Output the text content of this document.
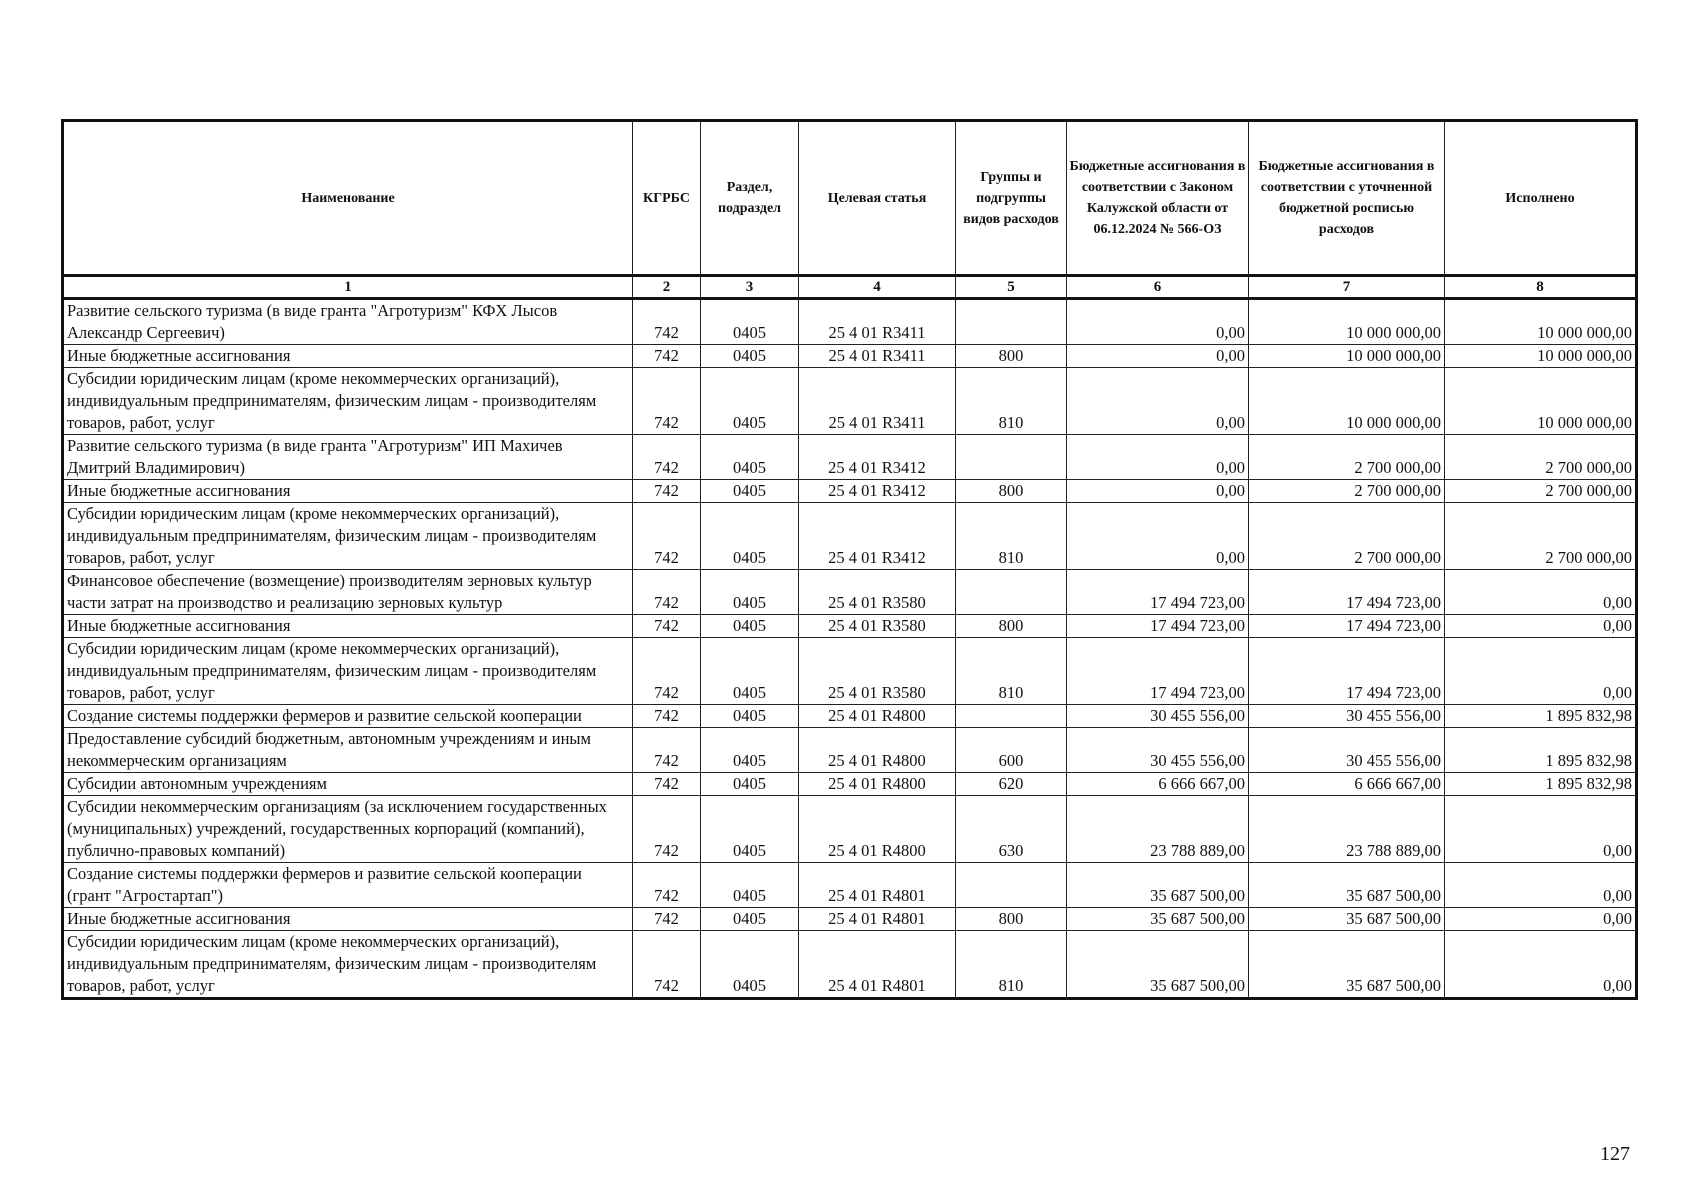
Наименование	КГРБС	Раздел, подраздел	Целевая статья	Группы и подгруппы видов расходов	Бюджетные ассигнования в соответствии с Законом Калужской области от 06.12.2024 № 566-ОЗ	Бюджетные ассигнования в соответствии с уточненной бюджетной росписью расходов	Исполнено
1	2	3	4	5	6	7	8
Развитие сельского туризма (в виде гранта "Агротуризм" КФХ Лысов Александр Сергеевич)	742	0405	25 4 01 R3411		0,00	10 000 000,00	10 000 000,00
Иные бюджетные ассигнования	742	0405	25 4 01 R3411	800	0,00	10 000 000,00	10 000 000,00
Субсидии юридическим лицам (кроме некоммерческих организаций), индивидуальным предпринимателям, физическим лицам - производителям товаров, работ, услуг	742	0405	25 4 01 R3411	810	0,00	10 000 000,00	10 000 000,00
Развитие сельского туризма (в виде гранта "Агротуризм" ИП Махичев Дмитрий Владимирович)	742	0405	25 4 01 R3412		0,00	2 700 000,00	2 700 000,00
Иные бюджетные ассигнования	742	0405	25 4 01 R3412	800	0,00	2 700 000,00	2 700 000,00
Субсидии юридическим лицам (кроме некоммерческих организаций), индивидуальным предпринимателям, физическим лицам - производителям товаров, работ, услуг	742	0405	25 4 01 R3412	810	0,00	2 700 000,00	2 700 000,00
Финансовое обеспечение (возмещение) производителям зерновых культур части затрат на производство и реализацию зерновых культур	742	0405	25 4 01 R3580		17 494 723,00	17 494 723,00	0,00
Иные бюджетные ассигнования	742	0405	25 4 01 R3580	800	17 494 723,00	17 494 723,00	0,00
Субсидии юридическим лицам (кроме некоммерческих организаций), индивидуальным предпринимателям, физическим лицам - производителям товаров, работ, услуг	742	0405	25 4 01 R3580	810	17 494 723,00	17 494 723,00	0,00
Создание системы поддержки фермеров и развитие сельской кооперации	742	0405	25 4 01 R4800		30 455 556,00	30 455 556,00	1 895 832,98
Предоставление субсидий бюджетным, автономным учреждениям и иным некоммерческим организациям	742	0405	25 4 01 R4800	600	30 455 556,00	30 455 556,00	1 895 832,98
Субсидии автономным учреждениям	742	0405	25 4 01 R4800	620	6 666 667,00	6 666 667,00	1 895 832,98
Субсидии некоммерческим организациям (за исключением государственных (муниципальных) учреждений, государственных корпораций (компаний), публично-правовых компаний)	742	0405	25 4 01 R4800	630	23 788 889,00	23 788 889,00	0,00
Создание системы поддержки фермеров и развитие сельской кооперации (грант "Агростартап")	742	0405	25 4 01 R4801		35 687 500,00	35 687 500,00	0,00
Иные бюджетные ассигнования	742	0405	25 4 01 R4801	800	35 687 500,00	35 687 500,00	0,00
Субсидии юридическим лицам (кроме некоммерческих организаций), индивидуальным предпринимателям, физическим лицам - производителям товаров, работ, услуг	742	0405	25 4 01 R4801	810	35 687 500,00	35 687 500,00	0,00
127
